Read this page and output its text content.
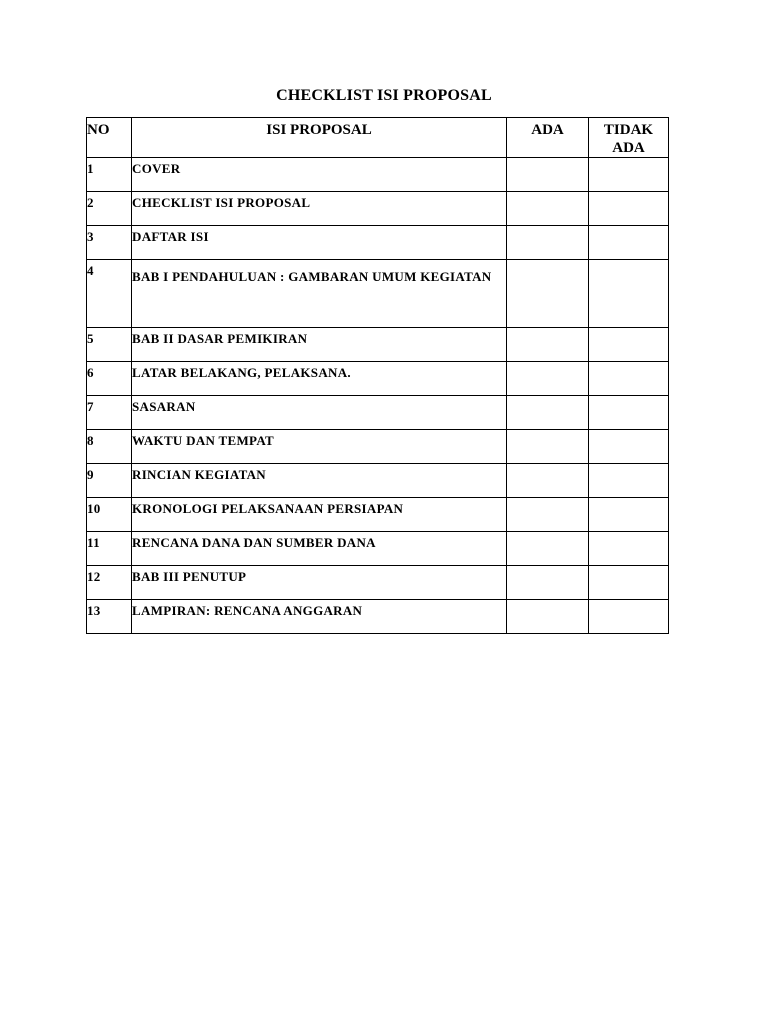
CHECKLIST ISI PROPOSAL
NO	ISI PROPOSAL	ADA	TIDAK ADA
1	COVER		
2	CHECKLIST ISI PROPOSAL		
3	DAFTAR ISI		
4	BAB I PENDAHULUAN : GAMBARAN UMUM KEGIATAN		
5	BAB II DASAR PEMIKIRAN		
6	LATAR BELAKANG, PELAKSANA.		
7	SASARAN		
8	WAKTU DAN TEMPAT		
9	RINCIAN KEGIATAN		
10	KRONOLOGI PELAKSANAAN PERSIAPAN		
11	RENCANA DANA DAN SUMBER DANA		
12	BAB III PENUTUP		
13	LAMPIRAN: RENCANA ANGGARAN		
